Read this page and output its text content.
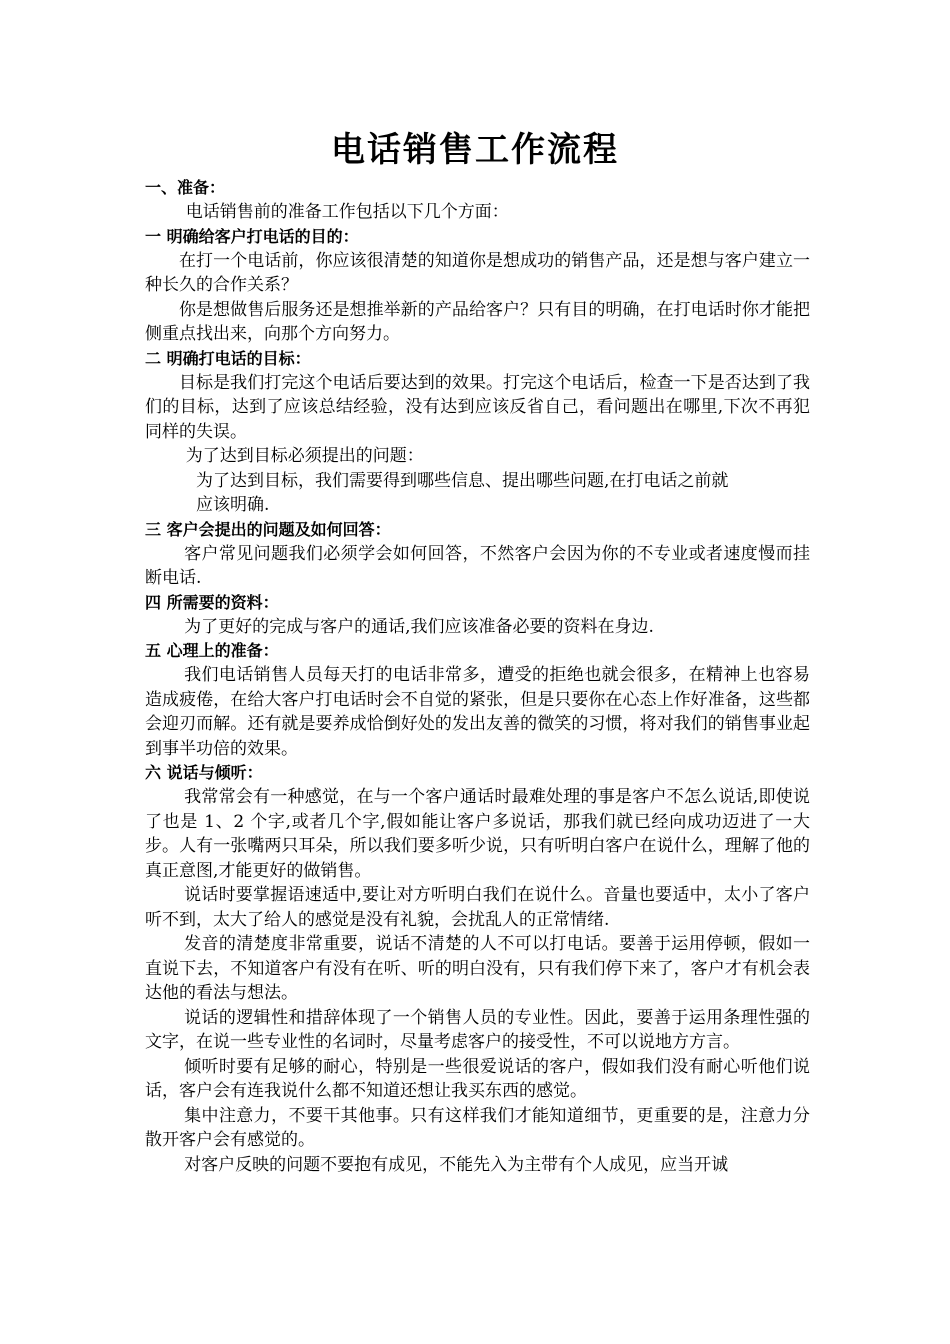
电话销售工作流程
一、准备：

电话销售前的准备工作包括以下几个方面：

一 明确给客户打电话的目的：

在打一个电话前，你应该很清楚的知道你是想成功的销售产品，还是想与客户建立一种长久的合作关系？

你是想做售后服务还是想推举新的产品给客户？只有目的明确，在打电话时你才能把侧重点找出来，向那个方向努力。

二 明确打电话的目标：

目标是我们打完这个电话后要达到的效果。打完这个电话后，检查一下是否达到了我们的目标，达到了应该总结经验，没有达到应该反省自己，看问题出在哪里,下次不再犯同样的失误。

为了达到目标必须提出的问题：

为了达到目标，我们需要得到哪些信息、提出哪些问题,在打电话之前就
应该明确.

三 客户会提出的问题及如何回答：

客户常见问题我们必须学会如何回答，不然客户会因为你的不专业或者速度慢而挂断电话.

四 所需要的资料：

为了更好的完成与客户的通话,我们应该准备必要的资料在身边.

五 心理上的准备：

我们电话销售人员每天打的电话非常多，遭受的拒绝也就会很多，在精神上也容易造成疲倦，在给大客户打电话时会不自觉的紧张，但是只要你在心态上作好准备，这些都会迎刃而解。还有就是要养成恰倒好处的发出友善的微笑的习惯，将对我们的销售事业起到事半功倍的效果。

六 说话与倾听：

我常常会有一种感觉，在与一个客户通话时最难处理的事是客户不怎么说话,即使说了也是 1、2 个字,或者几个字,假如能让客户多说话，那我们就已经向成功迈进了一大步。人有一张嘴两只耳朵，所以我们要多听少说，只有听明白客户在说什么，理解了他的真正意图,才能更好的做销售。

说话时要掌握语速适中,要让对方听明白我们在说什么。音量也要适中，太小了客户听不到，太大了给人的感觉是没有礼貌，会扰乱人的正常情绪.

发音的清楚度非常重要，说话不清楚的人不可以打电话。要善于运用停顿，假如一直说下去，不知道客户有没有在听、听的明白没有，只有我们停下来了，客户才有机会表达他的看法与想法。

说话的逻辑性和措辞体现了一个销售人员的专业性。因此，要善于运用条理性强的文字，在说一些专业性的名词时，尽量考虑客户的接受性，不可以说地方方言。

倾听时要有足够的耐心，特别是一些很爱说话的客户，假如我们没有耐心听他们说话，客户会有连我说什么都不知道还想让我买东西的感觉。

集中注意力，不要干其他事。只有这样我们才能知道细节，更重要的是，注意力分散开客户会有感觉的。

对客户反映的问题不要抱有成见，不能先入为主带有个人成见，应当开诚
